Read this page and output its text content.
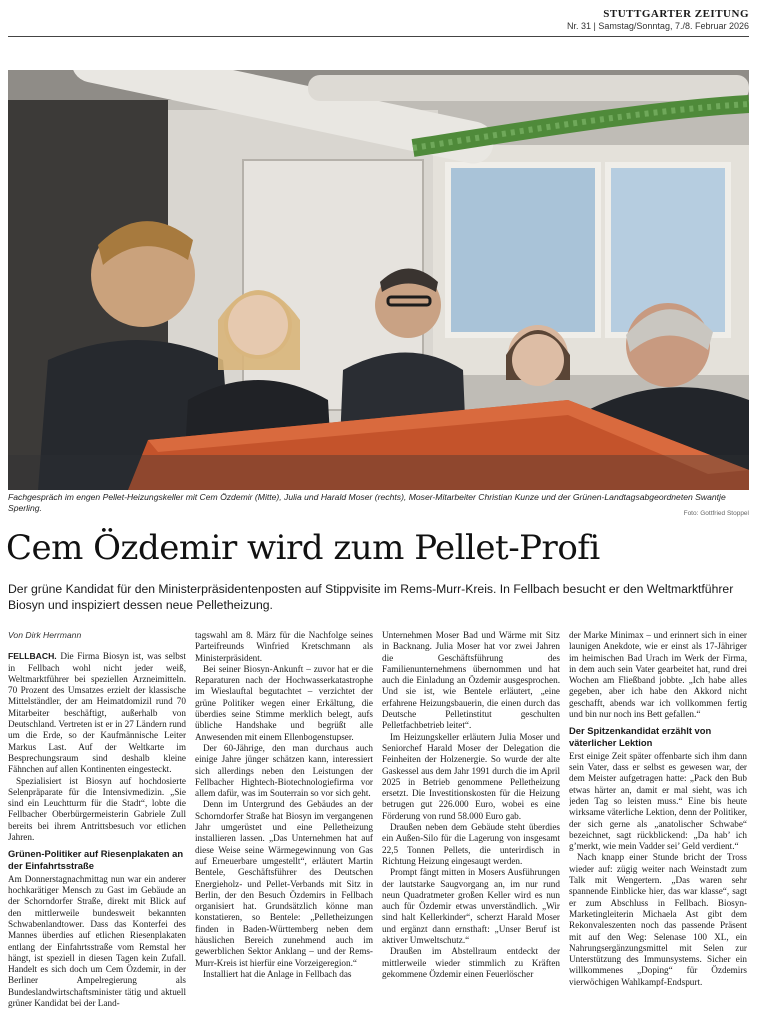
STUTTGARTER ZEITUNG
Nr. 31 | Samstag/Sonntag, 7./8. Februar 2026
Fachgespräch im engen Pellet-Heizungskeller mit Cem Özdemir (Mitte), Julia und Harald Moser (rechts), Moser-Mitarbeiter Christian Kunze und der Grünen-Landtagsabgeordneten Swantje Sperling.
Foto: Gottfried Stoppel
Cem Özdemir wird zum Pellet-Profi

Der grüne Kandidat für den Ministerpräsidentenposten auf Stippvisite im Rems-Murr-Kreis. In Fellbach besucht er den Weltmarktführer Biosyn und inspiziert dessen neue Pelletheizung.

Von Dirk Herrmann

FELLBACH. Die Firma Biosyn ist, was selbst in Fellbach wohl nicht jeder weiß, Weltmarktführer bei speziellen Arzneimitteln. 70 Prozent des Umsatzes erzielt der klassische Mittelständler, der am Heimatdomizil rund 70 Mitarbeiter beschäftigt, außerhalb von Deutschland. Vertreten ist er in 27 Ländern rund um die Erde, so der Kaufmännische Leiter Markus Last. Auf der Weltkarte im Besprechungsraum sind deshalb kleine Fähnchen auf allen Kontinenten eingesteckt.

Spezialisiert ist Biosyn auf hochdosierte Selenpräparate für die Intensivmedizin. „Sie sind ein Leuchtturm für die Stadt“, lobte die Fellbacher Oberbürgermeisterin Gabriele Zull bereits bei ihrem Antrittsbesuch vor etlichen Jahren.

Grünen-Politiker auf Riesenplakaten an der Einfahrtsstraße

Am Donnerstagnachmittag nun war ein anderer hochkarätiger Mensch zu Gast im Gebäude an der Schorndorfer Straße, direkt mit Blick auf den mittlerweile bundesweit bekannten Schwabenlandtower. Dass das Konterfei des Mannes überdies auf etlichen Riesenplakaten entlang der Einfahrtsstraße vom Remstal her hängt, ist speziell in diesen Tagen kein Zufall. Handelt es sich doch um Cem Özdemir, in der Berliner Ampelregierung als Bundeslandwirtschaftsminister tätig und aktuell grüner Kandidat bei der Land-

tagswahl am 8. März für die Nachfolge seines Parteifreunds Winfried Kretschmann als Ministerpräsident.

Bei seiner Biosyn-Ankunft – zuvor hat er die Reparaturen nach der Hochwasserkatastrophe im Wieslauftal begutachtet – verzichtet der grüne Politiker wegen einer Erkältung, die überdies seine Stimme merklich belegt, aufs übliche Handshake und begrüßt alle Anwesenden mit einem Ellenbogenstupser.

Der 60-Jährige, den man durchaus auch einige Jahre jünger schätzen kann, interessiert sich allerdings neben den Leistungen der Fellbacher Hightech-Biotechnologiefirma vor allem dafür, was im Souterrain so vor sich geht.

Denn im Untergrund des Gebäudes an der Schorndorfer Straße hat Biosyn im vergangenen Jahr umgerüstet und eine Pelletheizung installieren lassen. „Das Unternehmen hat auf diese Weise seine Wärmegewinnung von Gas auf Erneuerbare umgestellt“, erläutert Martin Bentele, Geschäftsführer des Deutschen Energieholz- und Pellet-Verbands mit Sitz in Berlin, der den Besuch Özdemirs in Fellbach organisiert hat. Grundsätzlich könne man konstatieren, so Bentele: „Pelletheizungen finden in Baden-Württemberg neben dem häuslichen Bereich zunehmend auch im gewerblichen Sektor Anklang – und der Rems-Murr-Kreis ist hierfür eine Vorzeigeregion.“

Installiert hat die Anlage in Fellbach das

Unternehmen Moser Bad und Wärme mit Sitz in Backnang. Julia Moser hat vor zwei Jahren die Geschäftsführung des Familienunternehmens übernommen und hat auch die Einladung an Özdemir ausgesprochen. Und sie ist, wie Bentele erläutert, „eine erfahrene Heizungsbauerin, die einen durch das Deutsche Pelletinstitut geschulten Pelletfachbetrieb leitet“.

Im Heizungskeller erläutern Julia Moser und Seniorchef Harald Moser der Delegation die Feinheiten der Holzenergie. So wurde der alte Gaskessel aus dem Jahr 1991 durch die im April 2025 in Betrieb genommene Pelletheizung ersetzt. Die Investitionskosten für die Heizung betrugen gut 226.000 Euro, wobei es eine Förderung von rund 58.000 Euro gab.

Draußen neben dem Gebäude steht überdies ein Außen-Silo für die Lagerung von insgesamt 22,5 Tonnen Pellets, die unterirdisch in Richtung Heizung eingesaugt werden.

Prompt fängt mitten in Mosers Ausführungen der lautstarke Saugvorgang an, im nur rund neun Quadratmeter großen Keller wird es nun auch für Özdemir etwas unverständlich. „Wir sind halt Kellerkinder“, scherzt Harald Moser und ergänzt dann ernsthaft: „Unser Beruf ist aktiver Umweltschutz.“

Draußen im Abstellraum entdeckt der mittlerweile wieder stimmlich zu Kräften gekommene Özdemir einen Feuerlöscher

der Marke Minimax – und erinnert sich in einer launigen Anekdote, wie er einst als 17-Jähriger im heimischen Bad Urach im Werk der Firma, in dem auch sein Vater gearbeitet hat, rund drei Wochen am Fließband jobbte. „Ich habe alles gegeben, aber ich habe den Akkord nicht geschafft, abends war ich vollkommen fertig und bin nur noch ins Bett gefallen.“

Der Spitzenkandidat erzählt von väterlicher Lektion

Erst einige Zeit später offenbarte sich ihm dann sein Vater, dass er selbst es gewesen war, der dem Meister aufgetragen hatte: „Pack den Bub etwas härter an, damit er mal sieht, was ich jeden Tag so leisten muss.“ Eine bis heute wirksame väterliche Lektion, denn der Politiker, der sich gerne als „anatolischer Schwabe“ bezeichnet, sagt rückblickend: „Da hab’ ich g’merkt, wie mein Vadder sei’ Geld verdient.“

Nach knapp einer Stunde bricht der Tross wieder auf: zügig weiter nach Weinstadt zum Talk mit Wengertern. „Das waren sehr spannende Einblicke hier, das war klasse“, sagt er zum Abschluss in Fellbach. Biosyn-Marketingleiterin Michaela Ast gibt dem Rekonvaleszenten noch das passende Präsent mit auf den Weg: Selenase 100 XL, ein Nahrungsergänzungsmittel mit Selen zur Unterstützung des Immunsystems. Sicher ein willkommenes „Doping“ für Özdemirs vierwöchigen Wahlkampf-Endspurt.
